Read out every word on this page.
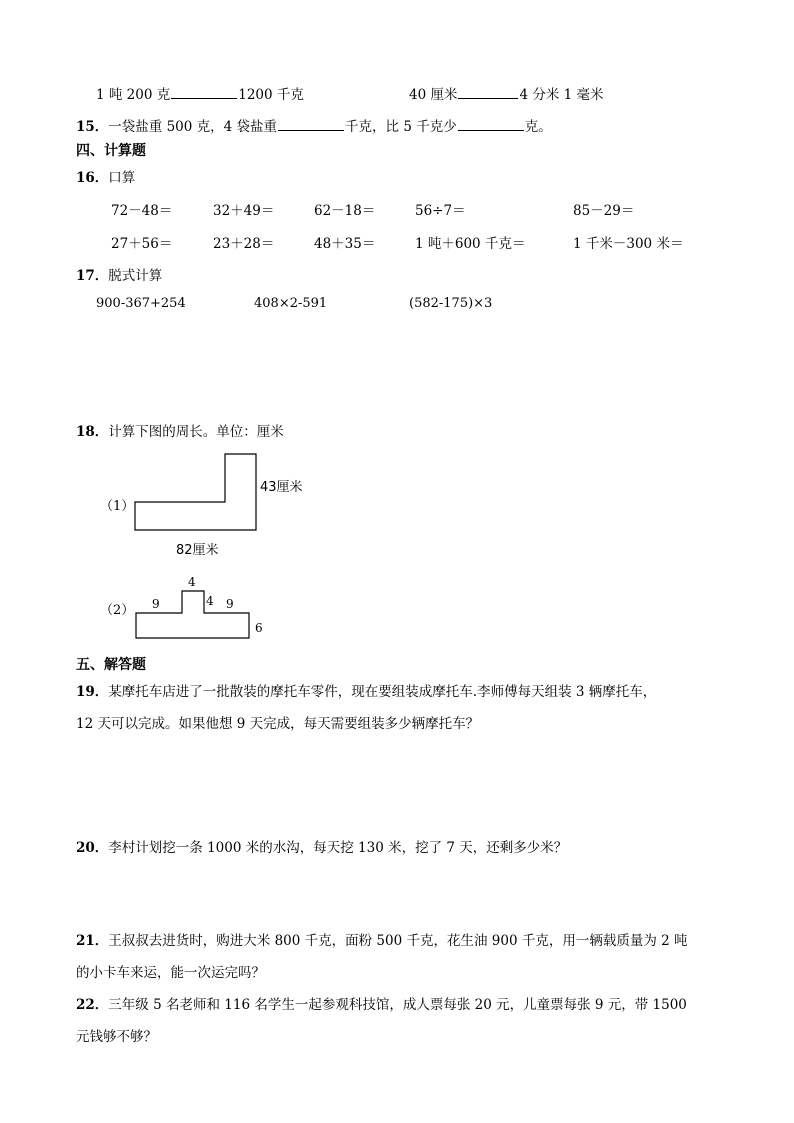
1 吨 200 克	1200 千克	40 厘米	4 分米 1 毫米
15．一袋盐重 500 克，4 袋盐重	千克，比 5 千克少	克。
四、计算题
16．口算
72－48＝	32＋49＝	62－18＝	56÷7＝	85－29＝
27＋56＝	23＋28＝	48＋35＝	1 吨＋600 千克＝	1 千米－300 米＝
17．脱式计算
900-367+254	408×2-591	(582-175)×3
18．计算下图的周长。单位：厘米
（1）
43厘米
82厘米
（2）
4
4
9	9
6
五、解答题
19．某摩托车店进了一批散装的摩托车零件，现在要组装成摩托车.李师傅每天组装 3 辆摩托车，
12 天可以完成。如果他想 9 天完成，每天需要组装多少辆摩托车？
20．李村计划挖一条 1000 米的水沟，每天挖 130 米，挖了 7 天，还剩多少米？
21．王叔叔去进货时，购进大米 800 千克，面粉 500 千克，花生油 900 千克，用一辆载质量为 2 吨
的小卡车来运，能一次运完吗？
22．三年级 5 名老师和 116 名学生一起参观科技馆，成人票每张 20 元，儿童票每张 9 元，带 1500
元钱够不够？
